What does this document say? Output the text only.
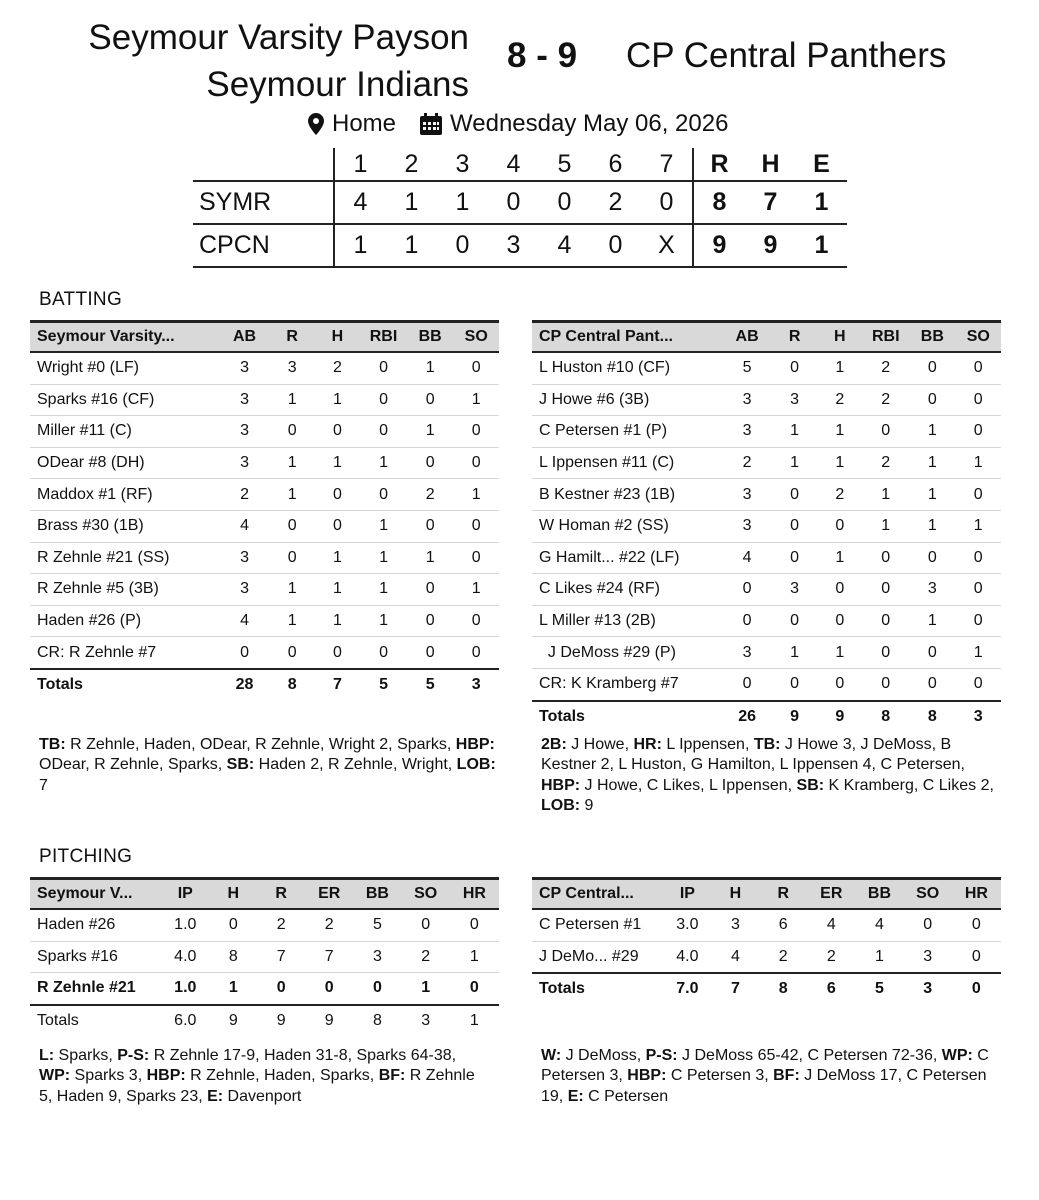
Seymour Varsity Payson
Seymour Indians
8 - 9 CP Central Panthers
Home Wednesday May 06, 2026
	1	2	3	4	5	6	7	R	H	E
SYMR	4	1	1	0	0	2	0	8	7	1
CPCN	1	1	0	3	4	0	X	9	9	1
BATTING
Seymour Varsity...	AB	R	H	RBI	BB	SO
Wright #0 (LF)	3	3	2	0	1	0
Sparks #16 (CF)	3	1	1	0	0	1
Miller #11 (C)	3	0	0	0	1	0
ODear #8 (DH)	3	1	1	1	0	0
Maddox #1 (RF)	2	1	0	0	2	1
Brass #30 (1B)	4	0	0	1	0	0
R Zehnle #21 (SS)	3	0	1	1	1	0
R Zehnle #5 (3B)	3	1	1	1	0	1
Haden #26 (P)	4	1	1	1	0	0
CR: R Zehnle #7	0	0	0	0	0	0
Totals	28	8	7	5	5	3
CP Central Pant...	AB	R	H	RBI	BB	SO
L Huston #10 (CF)	5	0	1	2	0	0
J Howe #6 (3B)	3	3	2	2	0	0
C Petersen #1 (P)	3	1	1	0	1	0
L Ippensen #11 (C)	2	1	1	2	1	1
B Kestner #23 (1B)	3	0	2	1	1	0
W Homan #2 (SS)	3	0	0	1	1	1
G Hamilt... #22 (LF)	4	0	1	0	0	0
C Likes #24 (RF)	0	3	0	0	3	0
L Miller #13 (2B)	0	0	0	0	1	0
J DeMoss #29 (P)	3	1	1	0	0	1
CR: K Kramberg #7	0	0	0	0	0	0
Totals	26	9	9	8	8	3
TB: R Zehnle, Haden, ODear, R Zehnle, Wright 2, Sparks, HBP: ODear, R Zehnle, Sparks, SB: Haden 2, R Zehnle, Wright, LOB: 7
2B: J Howe, HR: L Ippensen, TB: J Howe 3, J DeMoss, B Kestner 2, L Huston, G Hamilton, L Ippensen 4, C Petersen, HBP: J Howe, C Likes, L Ippensen, SB: K Kramberg, C Likes 2, LOB: 9
PITCHING
Seymour V...	IP	H	R	ER	BB	SO	HR
Haden #26	1.0	0	2	2	5	0	0
Sparks #16	4.0	8	7	7	3	2	1
R Zehnle #21	1.0	1	0	0	0	1	0
Totals	6.0	9	9	9	8	3	1
CP Central...	IP	H	R	ER	BB	SO	HR
C Petersen #1	3.0	3	6	4	4	0	0
J DeMo... #29	4.0	4	2	2	1	3	0
Totals	7.0	7	8	6	5	3	0
L: Sparks, P-S: R Zehnle 17-9, Haden 31-8, Sparks 64-38, WP: Sparks 3, HBP: R Zehnle, Haden, Sparks, BF: R Zehnle 5, Haden 9, Sparks 23, E: Davenport
W: J DeMoss, P-S: J DeMoss 65-42, C Petersen 72-36, WP: C Petersen 3, HBP: C Petersen 3, BF: J DeMoss 17, C Petersen 19, E: C Petersen
